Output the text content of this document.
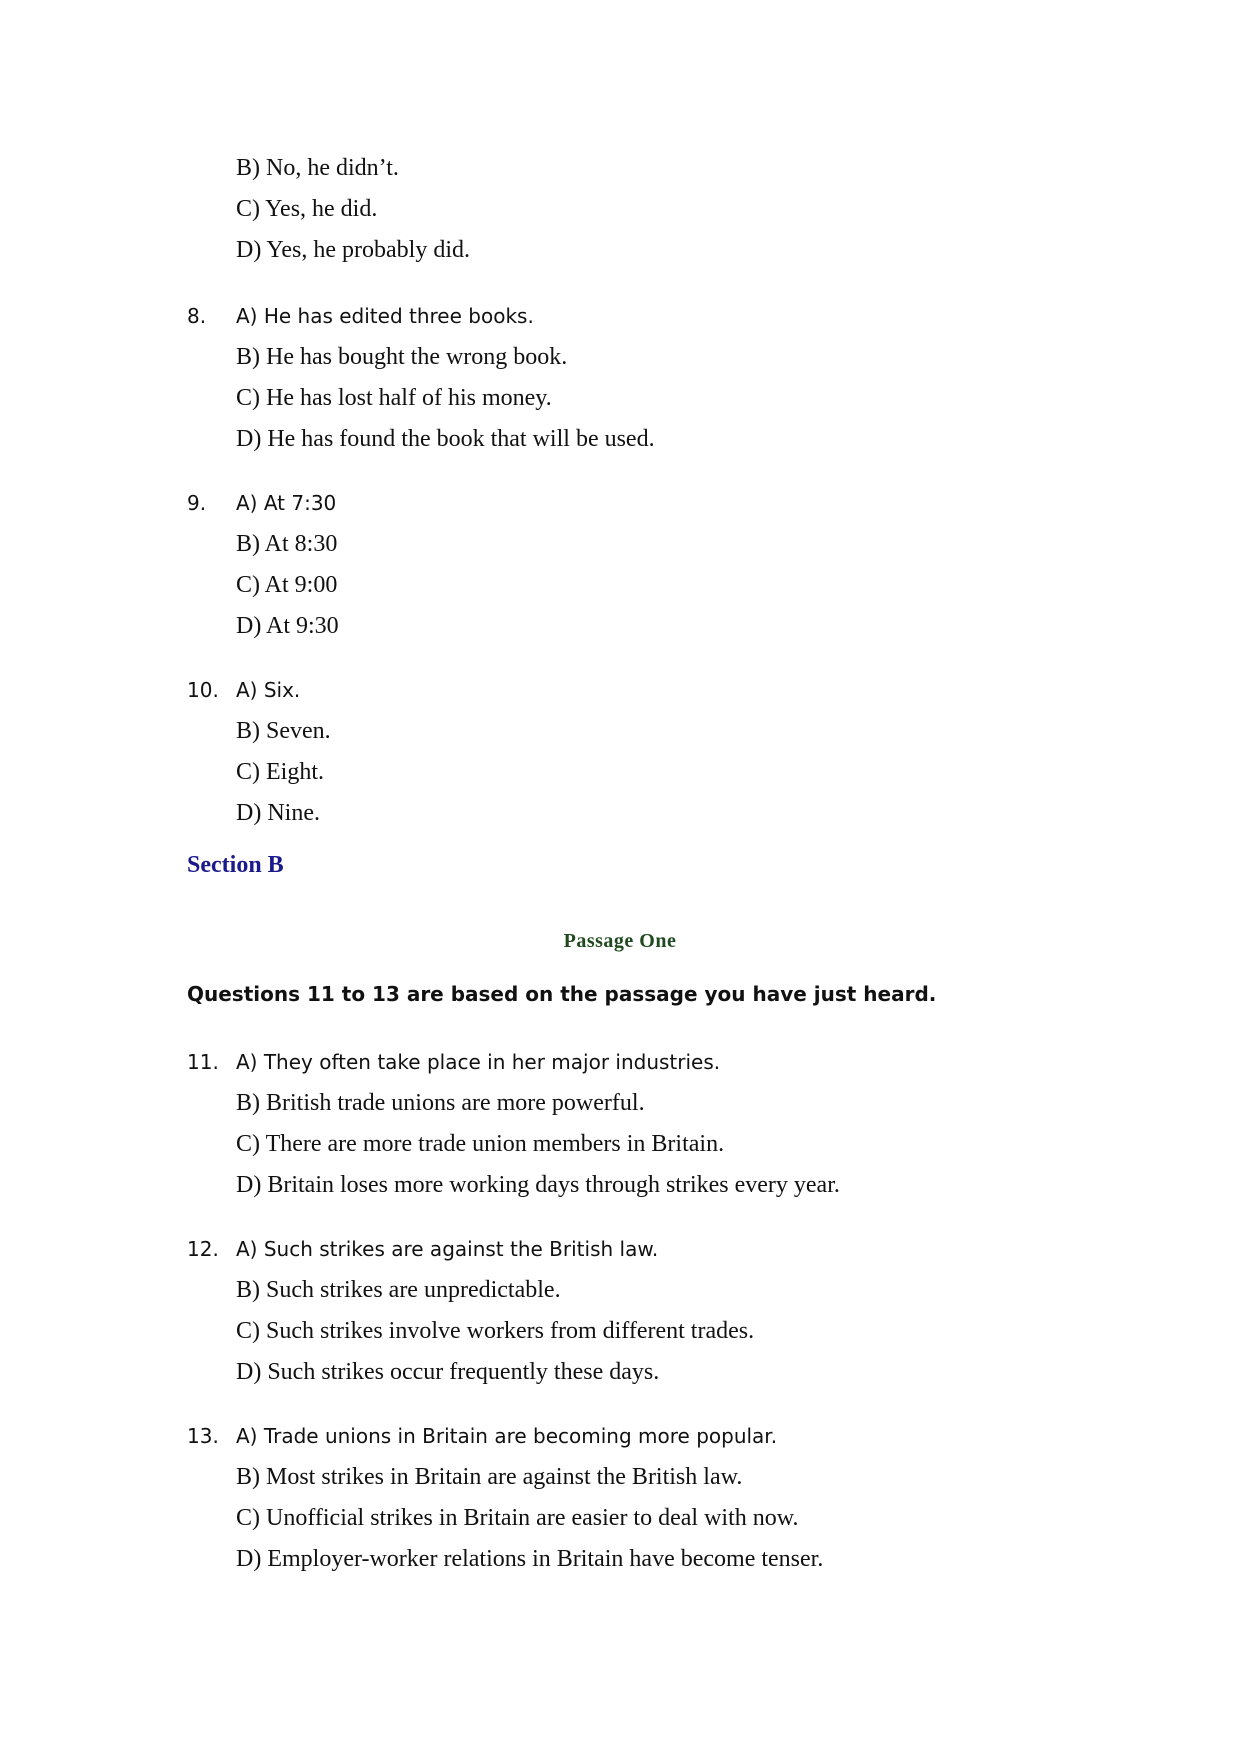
B) No, he didn’t.
C) Yes, he did.
D) Yes, he probably did.
8. A) He has edited three books.
B) He has bought the wrong book.
C) He has lost half of his money.
D) He has found the book that will be used.
9. A) At 7:30
B) At 8:30
C) At 9:00
D) At 9:30
10. A) Six.
B) Seven.
C) Eight.
D) Nine.
Section B
Passage One
Questions 11 to 13 are based on the passage you have just heard.
11. A) They often take place in her major industries.
B) British trade unions are more powerful.
C) There are more trade union members in Britain.
D) Britain loses more working days through strikes every year.
12. A) Such strikes are against the British law.
B) Such strikes are unpredictable.
C) Such strikes involve workers from different trades.
D) Such strikes occur frequently these days.
13. A) Trade unions in Britain are becoming more popular.
B) Most strikes in Britain are against the British law.
C) Unofficial strikes in Britain are easier to deal with now.
D) Employer-worker relations in Britain have become tenser.
